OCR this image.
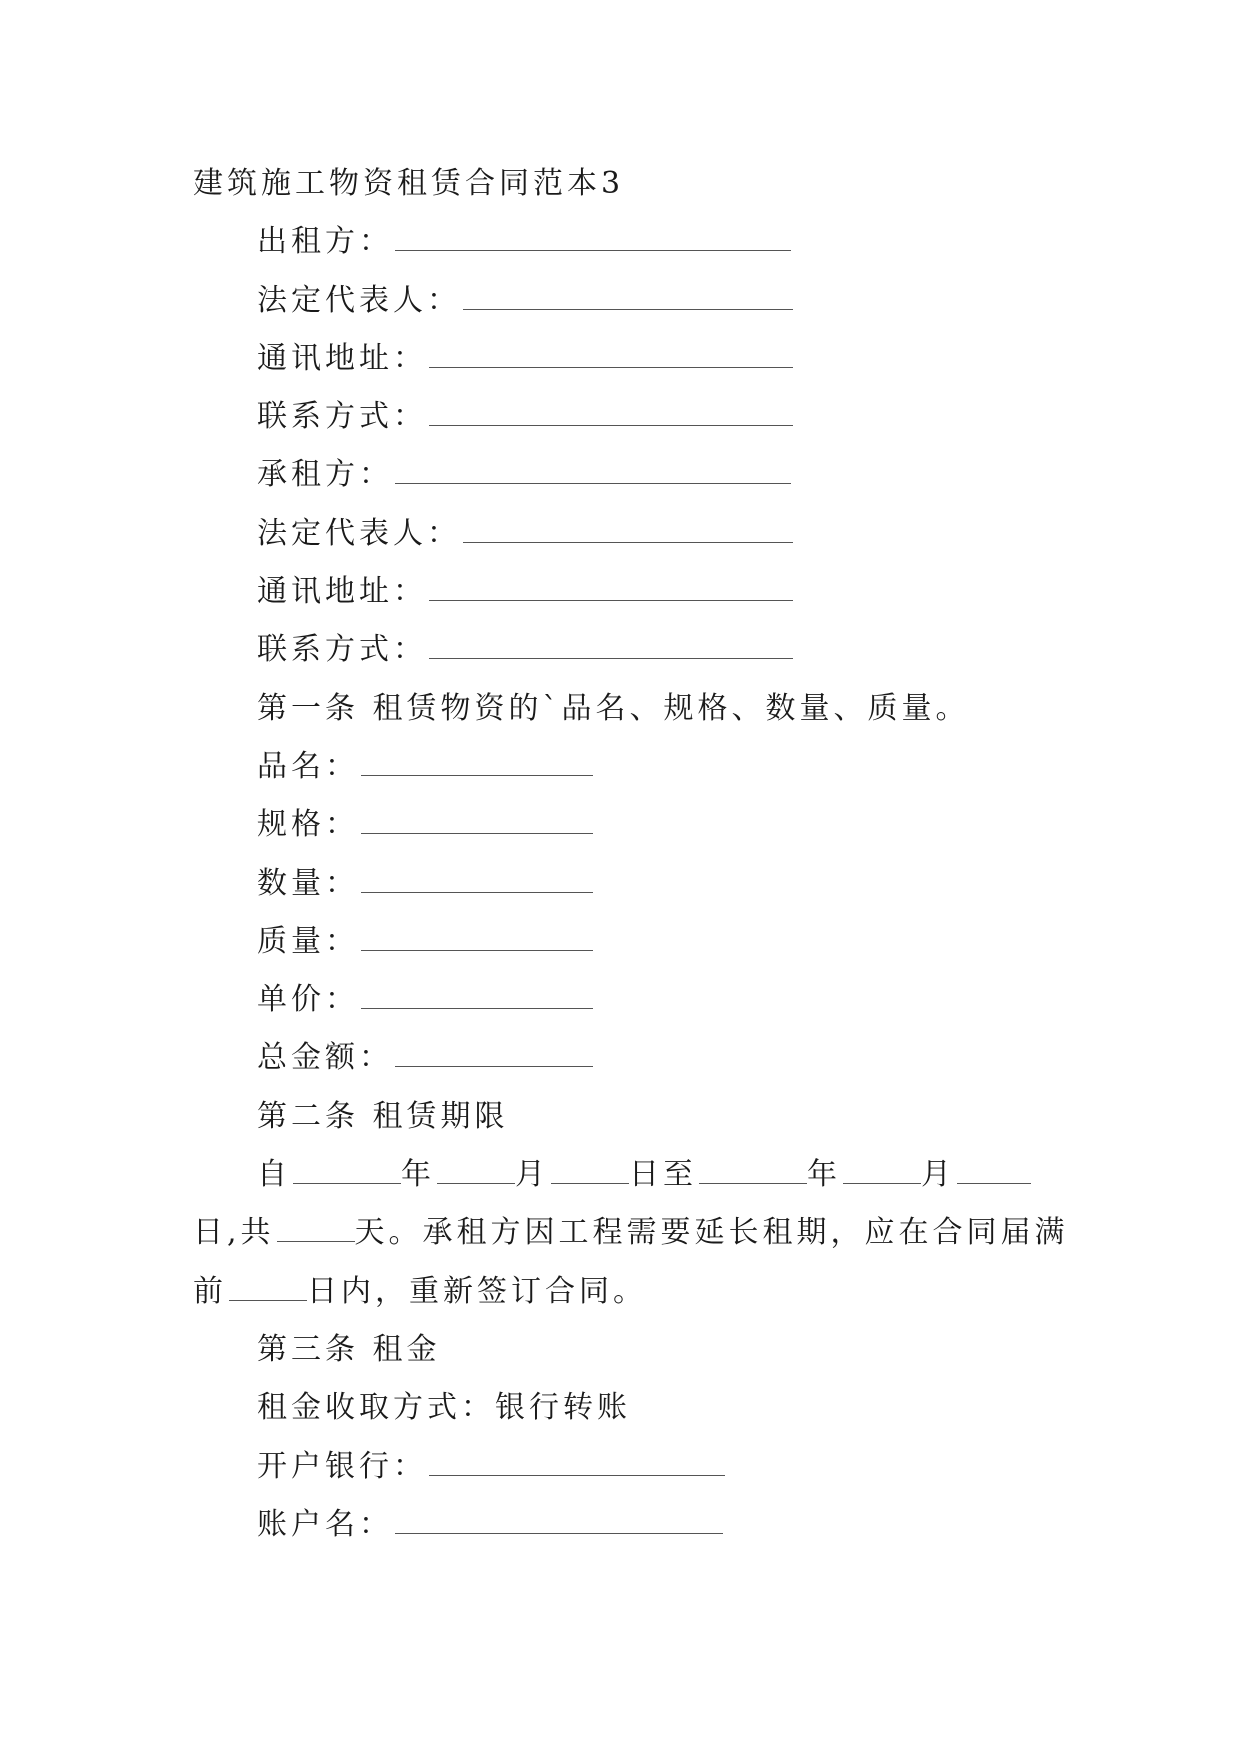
建筑施工物资租赁合同范本3
出租方：
法定代表人：
通讯地址：
联系方式：
承租方：
法定代表人：
通讯地址：
联系方式：
第一条 租赁物资的`品名、规格、数量、质量。
品名：
规格：
数量：
质量：
单价：
总金额：
第二条 租赁期限
自	年	月	日至	年	月
日,共	天。承租方因工程需要延长租期，应在合同届满
前	日内，重新签订合同。
第三条 租金
租金收取方式：银行转账
开户银行：
账户名：
